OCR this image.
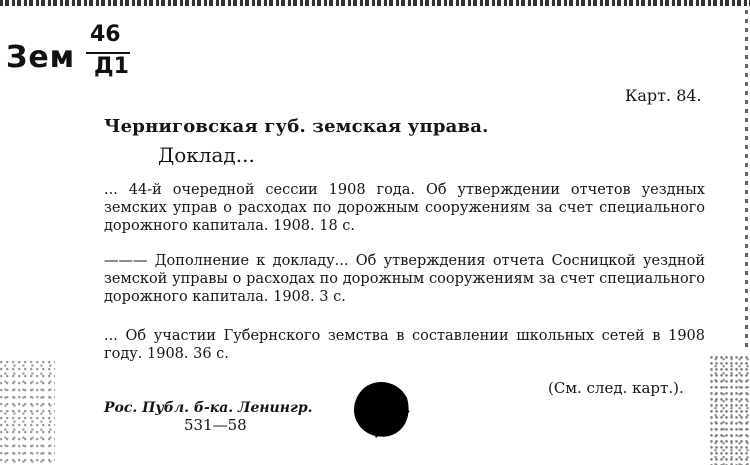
Зем
46
Д1
Карт. 84.
Черниговская губ. земская управа.
Доклад...
... 44-й очередной сессии 1908 года. Об утверждении отчетов уездных земских управ о расходах по дорожным сооружениям за счет специального дорожного капитала. 1908. 18 с.
——— Дополнение к докладу... Об утверждения отчета Сосницкой уездной земской управы о расходах по дорожным сооружениям за счет специального дорожного капитала. 1908. 3 с.
... Об участии Губернского земства в составлении школьных сетей в 1908 году. 1908. 36 с.
(См. след. карт.).
Рос. Публ. б-ка. Ленингр.
531—58
